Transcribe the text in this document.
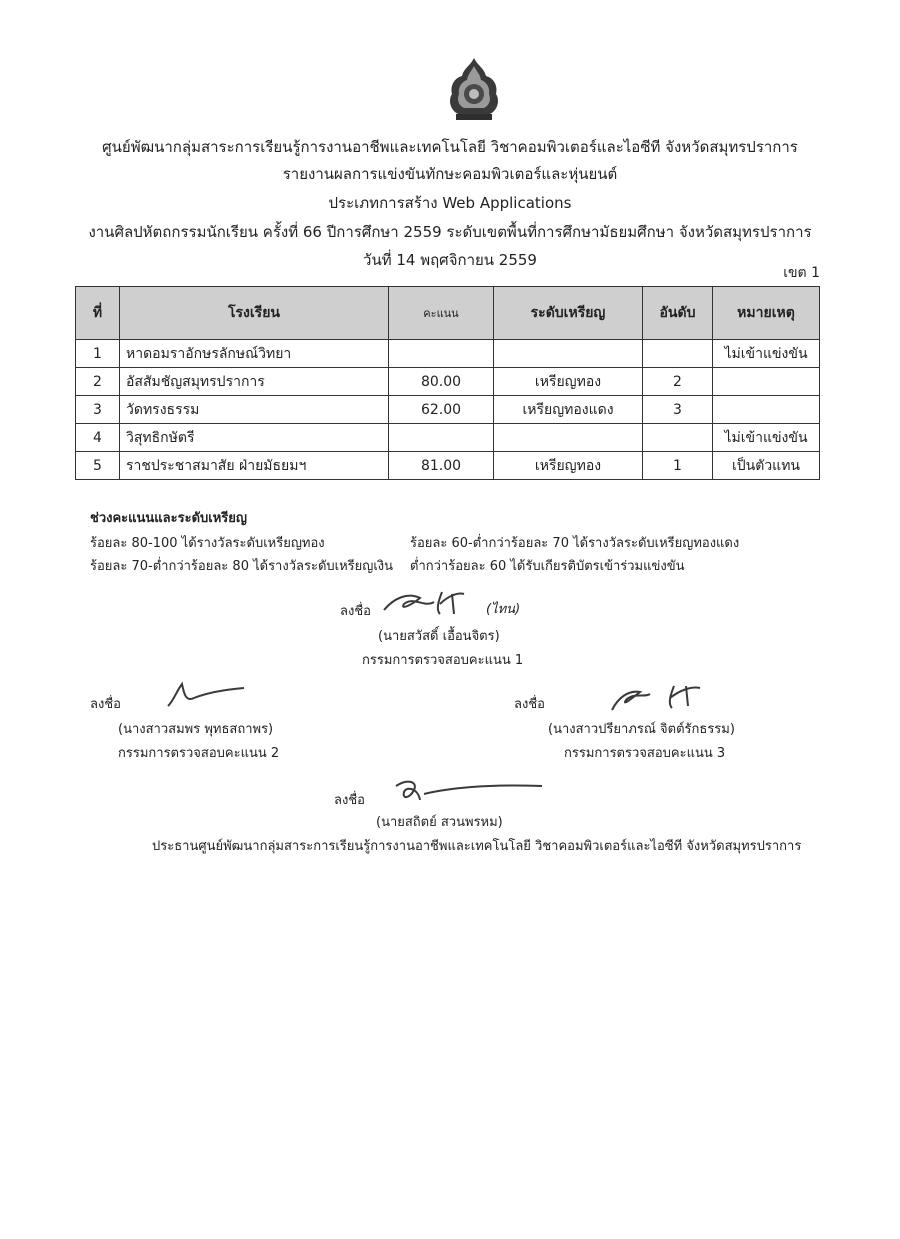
ศูนย์พัฒนากลุ่มสาระการเรียนรู้การงานอาชีพและเทคโนโลยี วิชาคอมพิวเตอร์และไอซีที จังหวัดสมุทรปราการ
รายงานผลการแข่งขันทักษะคอมพิวเตอร์และหุ่นยนต์
ประเภทการสร้าง Web Applications
งานศิลปหัตถกรรมนักเรียน ครั้งที่ 66 ปีการศึกษา 2559 ระดับเขตพื้นที่การศึกษามัธยมศึกษา จังหวัดสมุทรปราการ
วันที่ 14 พฤศจิกายน 2559
เขต 1
ที่	โรงเรียน	คะแนน	ระดับเหรียญ	อันดับ	หมายเหตุ
1	หาดอมราอักษรลักษณ์วิทยา				ไม่เข้าแข่งขัน
2	อัสสัมชัญสมุทรปราการ	80.00	เหรียญทอง	2	
3	วัดทรงธรรม	62.00	เหรียญทองแดง	3	
4	วิสุทธิกษัตรี				ไม่เข้าแข่งขัน
5	ราชประชาสมาสัย ฝ่ายมัธยมฯ	81.00	เหรียญทอง	1	เป็นตัวแทน
ช่วงคะแนนและระดับเหรียญ
ร้อยละ 80-100 ได้รางวัลระดับเหรียญทอง
ร้อยละ 70-ต่ำกว่าร้อยละ 80 ได้รางวัลระดับเหรียญเงิน
ร้อยละ 60-ต่ำกว่าร้อยละ 70 ได้รางวัลระดับเหรียญทองแดง
ต่ำกว่าร้อยละ 60 ได้รับเกียรติบัตรเข้าร่วมแข่งขัน
ลงชื่อ	(ไทน)
(นายสวัสดิ์ เอื้อนจิตร)
กรรมการตรวจสอบคะแนน 1
ลงชื่อ
(นางสาวสมพร พุทธสถาพร)
กรรมการตรวจสอบคะแนน 2
ลงชื่อ
(นางสาวปรียาภรณ์ จิตต์รักธรรม)
กรรมการตรวจสอบคะแนน 3
ลงชื่อ
(นายสถิตย์ สวนพรหม)
ประธานศูนย์พัฒนากลุ่มสาระการเรียนรู้การงานอาชีพและเทคโนโลยี วิชาคอมพิวเตอร์และไอซีที จังหวัดสมุทรปราการ
